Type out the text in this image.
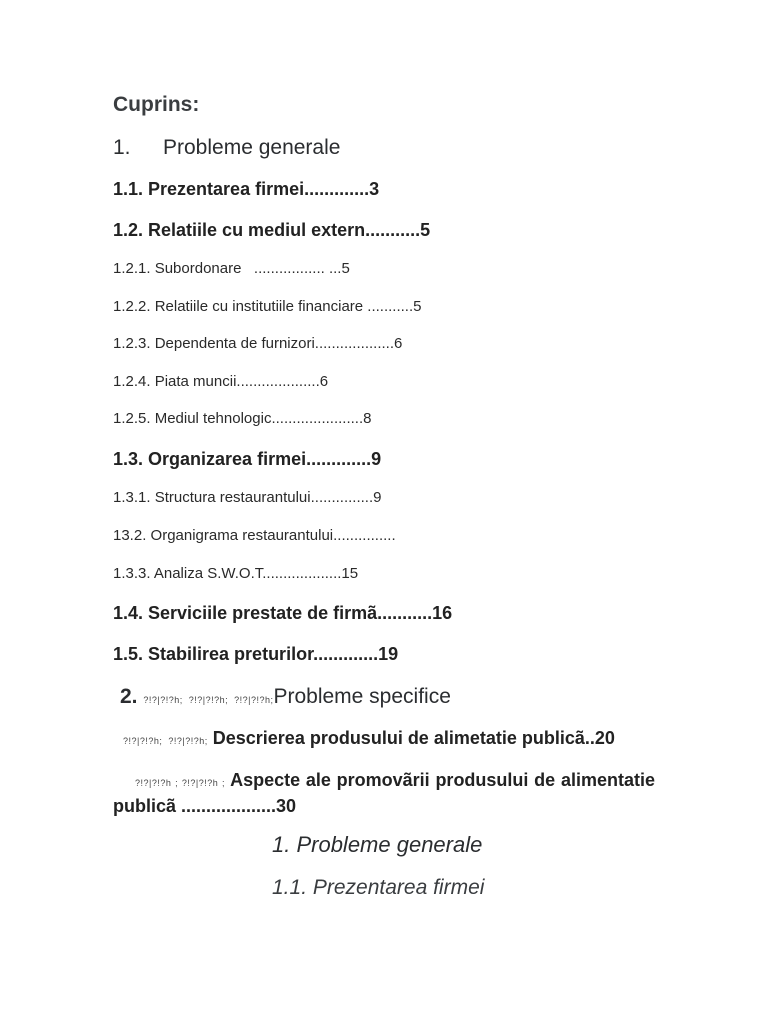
Cuprins:
1. Probleme generale
1.1. Prezentarea firmei.............3
1.2. Relatiile cu mediul extern...........5
1.2.1. Subordonare   ................. ...5
1.2.2. Relatiile cu institutiile financiare ...........5
1.2.3. Dependenta de furnizori...................6
1.2.4. Piata muncii....................6
1.2.5. Mediul tehnologic......................8
1.3. Organizarea firmei.............9
1.3.1. Structura restaurantului...............9
13.2. Organigrama restaurantului...............
1.3.3. Analiza S.W.O.T...................15
1.4. Serviciile prestate de firmã...........16
1.5. Stabilirea preturilor.............19
2. ?!?|?!?h;  ?!?|?!?h;  ?!?|?!?h;Probleme specifice
?!?|?!?h;  ?!?|?!?h; Descrierea produsului de alimetatie publicã..20
?!?|?!?h ; ?!?|?!?h ; Aspecte ale promovãrii produsului de alimentatie publicã ...................30
1. Probleme generale
1.1. Prezentarea firmei
